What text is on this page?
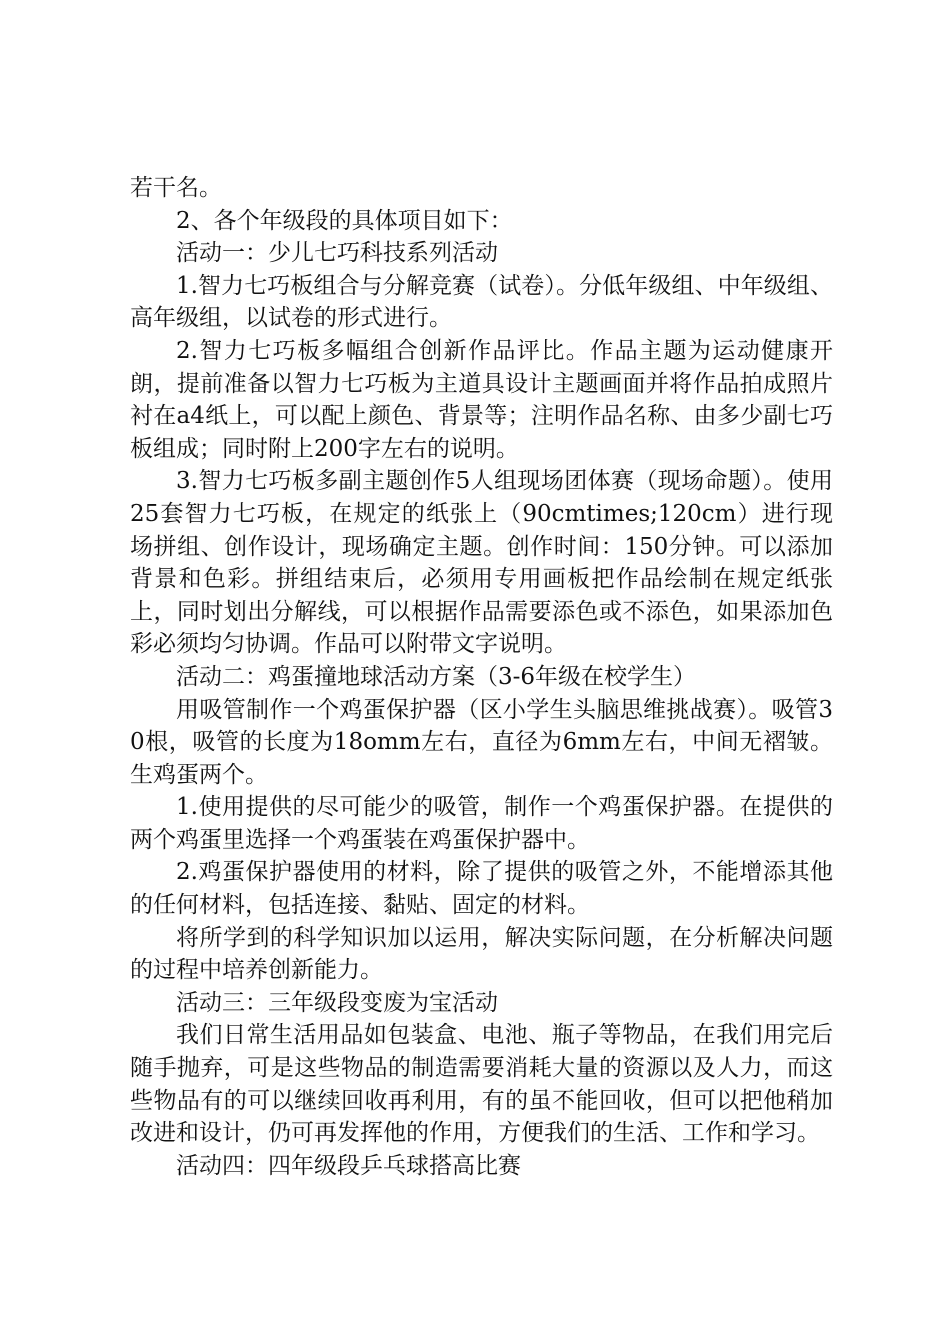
若干名。

2、各个年级段的具体项目如下：

活动一：少儿七巧科技系列活动

1.智力七巧板组合与分解竞赛（试卷）。分低年级组、中年级组、高年级组，以试卷的形式进行。

2.智力七巧板多幅组合创新作品评比。作品主题为运动健康开朗，提前准备以智力七巧板为主道具设计主题画面并将作品拍成照片衬在a4纸上，可以配上颜色、背景等；注明作品名称、由多少副七巧板组成；同时附上200字左右的说明。

3.智力七巧板多副主题创作5人组现场团体赛（现场命题）。使用25套智力七巧板，在规定的纸张上（90cmtimes;120cm）进行现场拼组、创作设计，现场确定主题。创作时间：150分钟。可以添加背景和色彩。拼组结束后，必须用专用画板把作品绘制在规定纸张上，同时划出分解线，可以根据作品需要添色或不添色，如果添加色彩必须均匀协调。作品可以附带文字说明。

活动二：鸡蛋撞地球活动方案（3-6年级在校学生）

用吸管制作一个鸡蛋保护器（区小学生头脑思维挑战赛）。吸管30根，吸管的长度为18omm左右，直径为6mm左右，中间无褶皱。生鸡蛋两个。

1.使用提供的尽可能少的吸管，制作一个鸡蛋保护器。在提供的两个鸡蛋里选择一个鸡蛋装在鸡蛋保护器中。

2.鸡蛋保护器使用的材料，除了提供的吸管之外，不能增添其他的任何材料，包括连接、黏贴、固定的材料。

将所学到的科学知识加以运用，解决实际问题，在分析解决问题的过程中培养创新能力。

活动三：三年级段变废为宝活动

我们日常生活用品如包装盒、电池、瓶子等物品，在我们用完后随手抛弃，可是这些物品的制造需要消耗大量的资源以及人力，而这些物品有的可以继续回收再利用，有的虽不能回收，但可以把他稍加改进和设计，仍可再发挥他的作用，方便我们的生活、工作和学习。

活动四：四年级段乒乓球搭高比赛
